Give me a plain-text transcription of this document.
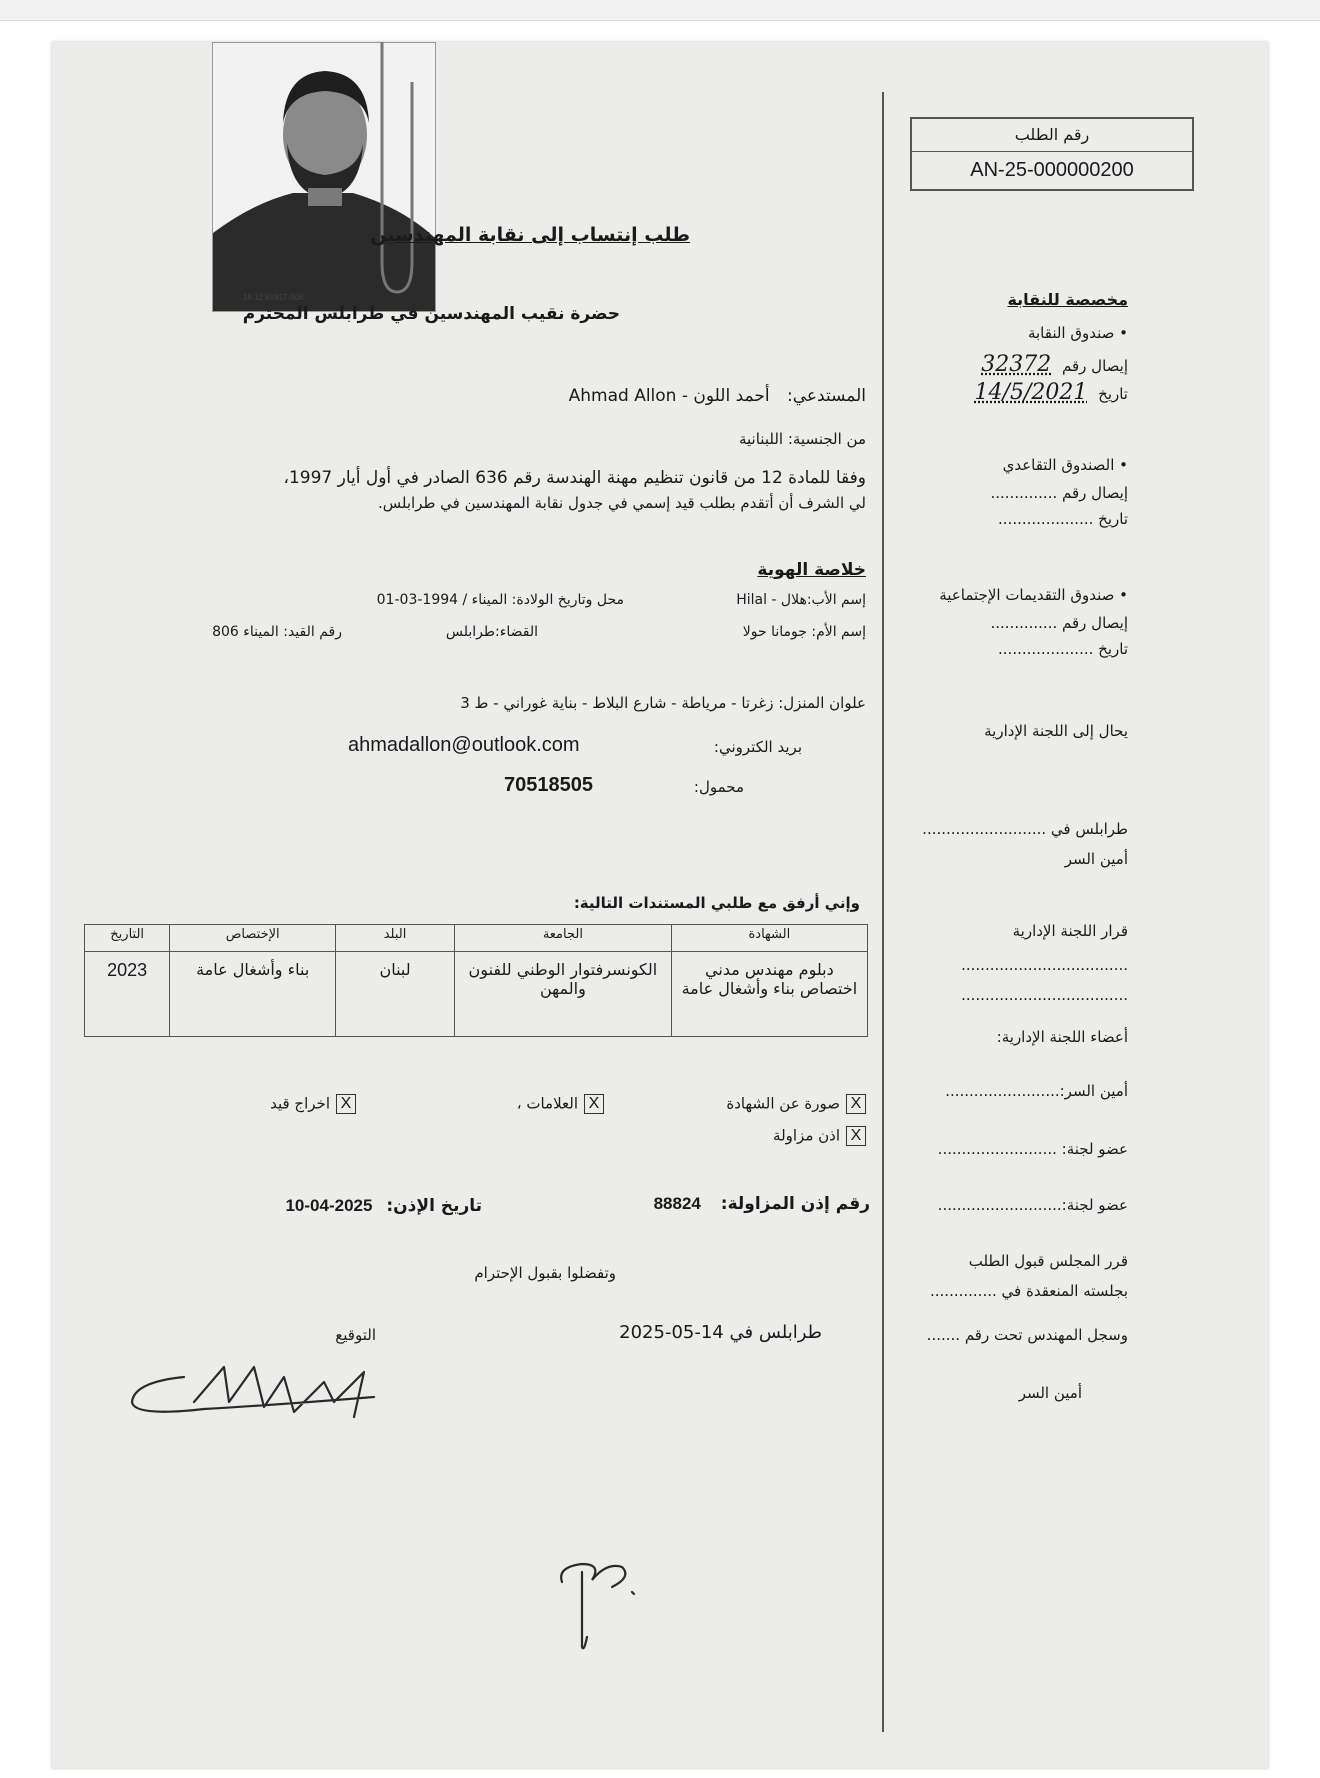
رقم الطلب
AN-25-000000200
18 12 81917-508
طلب إنتساب إلى نقابة المهندسين
حضرة نقيب المهندسين في طرابلس المحترم
المستدعي: أحمد اللون - Ahmad Allon
من الجنسية: اللبنانية
وفقا للمادة 12 من قانون تنظيم مهنة الهندسة رقم 636 الصادر في أول أيار 1997،
لي الشرف أن أتقدم بطلب قيد إسمي في جدول نقابة المهندسين في طرابلس.
خلاصة الهوية
إسم الأب:هلال - Hilal
محل وتاريخ الولادة: الميناء / 1994-03-01
إسم الأم: جومانا حولا
القضاء:طرابلس
رقم القيد: الميناء 806
علوان المنزل: زغرتا - مرياطة - شارع البلاط - بناية غوراني - ط 3
بريد الكتروني:
ahmadallon@outlook.com
محمول:
70518505
وإني أرفق مع طلبي المستندات التالية:
الشهادة	الجامعة	البلد	الإختصاص	التاريخ
دبلوم مهندس مدني اختصاص بناء وأشغال عامة	الكونسرفتوار الوطني للفنون والمهن	لبنان	بناء وأشغال عامة	2023
Xصورة عن الشهادة
Xالعلامات ،
Xاخراج قيد
Xاذن مزاولة
رقم إذن المزاولة: 88824
تاريخ الإذن: 2025-04-10
وتفضلوا بقبول الإحترام
طرابلس في 14-05-2025
التوقيع
مخصصة للنقابة
• صندوق النقابة
إيصال رقم 32372
تاريخ 14/5/2021
• الصندوق التقاعدي
إيصال رقم ..............
تاريخ ....................
• صندوق التقديمات الإجتماعية
إيصال رقم ..............
تاريخ ....................
يحال إلى اللجنة الإدارية
طرابلس في ..........................
أمين السر
قرار اللجنة الإدارية
...................................
...................................
أعضاء اللجنة الإدارية:
أمين السر:........................
عضو لجنة: .........................
عضو لجنة:..........................
قرر المجلس قبول الطلب
بجلسته المنعقدة في ..............
وسجل المهندس تحت رقم .......
أمين السر
